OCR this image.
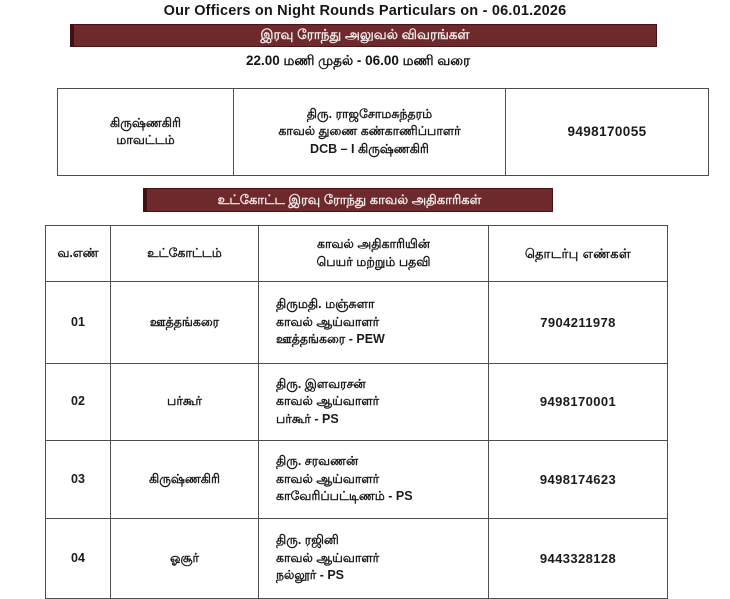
Our Officers on Night Rounds Particulars on - 06.01.2026
இரவு ரோந்து அலுவல் விவரங்கள்
22.00 மணி முதல் - 06.00 மணி வரை
கிருஷ்ணகிரி
மாவட்டம்

திரு. ராஜசோமசுந்தரம்
காவல் துணை கண்காணிப்பாளர்
DCB – I கிருஷ்ணகிரி
	9498170055
உட்கோட்ட இரவு ரோந்து காவல் அதிகாரிகள்
வ.எண்	உட்கோட்டம்	காவல் அதிகாரியின்
பெயர் மற்றும் பதவி	தொடர்பு எண்கள்
01	ஊத்தங்கரை	திருமதி. மஞ்சுளா
காவல் ஆய்வாளர்
ஊத்தங்கரை - PEW	7904211978
02	பர்கூர்	திரு. இளவரசன்
காவல் ஆய்வாளர்
பர்கூர் - PS	9498170001
03	கிருஷ்ணகிரி	திரு. சரவணன்
காவல் ஆய்வாளர்
காவேரிப்பட்டிணம் - PS	9498174623
04	ஓசூர்	திரு. ரஜினி
காவல் ஆய்வாளர்
நல்லூர் - PS	9443328128
